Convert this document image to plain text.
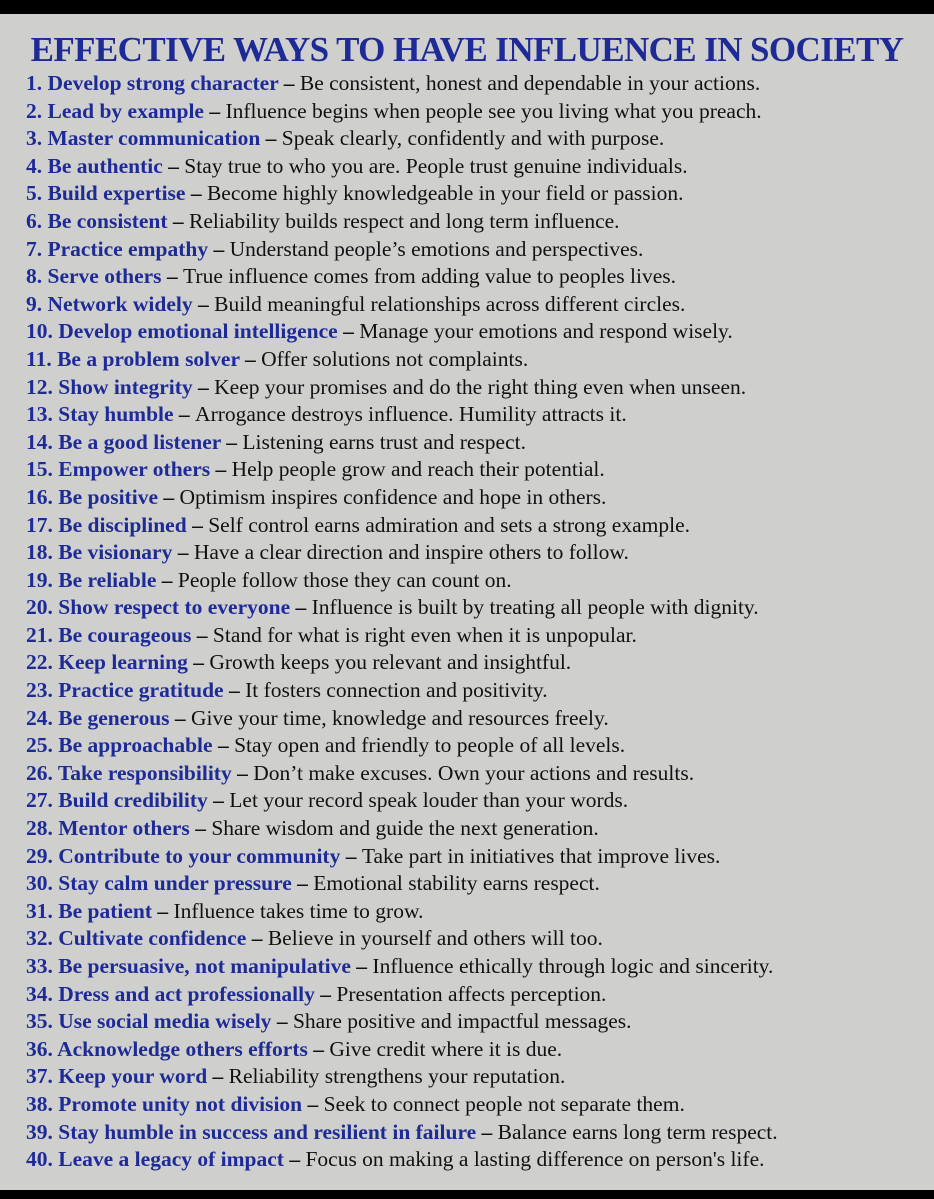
EFFECTIVE WAYS TO HAVE INFLUENCE IN SOCIETY
1. Develop strong character – Be consistent, honest and dependable in your actions.
2. Lead by example – Influence begins when people see you living what you preach.
3. Master communication – Speak clearly, confidently and with purpose.
4. Be authentic – Stay true to who you are. People trust genuine individuals.
5. Build expertise – Become highly knowledgeable in your field or passion.
6. Be consistent – Reliability builds respect and long term influence.
7. Practice empathy – Understand people’s emotions and perspectives.
8. Serve others – True influence comes from adding value to peoples lives.
9. Network widely – Build meaningful relationships across different circles.
10. Develop emotional intelligence – Manage your emotions and respond wisely.
11. Be a problem solver – Offer solutions not complaints.
12. Show integrity – Keep your promises and do the right thing even when unseen.
13. Stay humble – Arrogance destroys influence. Humility attracts it.
14. Be a good listener – Listening earns trust and respect.
15. Empower others – Help people grow and reach their potential.
16. Be positive – Optimism inspires confidence and hope in others.
17. Be disciplined – Self control earns admiration and sets a strong example.
18. Be visionary – Have a clear direction and inspire others to follow.
19. Be reliable – People follow those they can count on.
20. Show respect to everyone – Influence is built by treating all people with dignity.
21. Be courageous – Stand for what is right even when it is unpopular.
22. Keep learning – Growth keeps you relevant and insightful.
23. Practice gratitude – It fosters connection and positivity.
24. Be generous – Give your time, knowledge and resources freely.
25. Be approachable – Stay open and friendly to people of all levels.
26. Take responsibility – Don’t make excuses. Own your actions and results.
27. Build credibility – Let your record speak louder than your words.
28. Mentor others – Share wisdom and guide the next generation.
29. Contribute to your community – Take part in initiatives that improve lives.
30. Stay calm under pressure – Emotional stability earns respect.
31. Be patient – Influence takes time to grow.
32. Cultivate confidence – Believe in yourself and others will too.
33. Be persuasive, not manipulative – Influence ethically through logic and sincerity.
34. Dress and act professionally – Presentation affects perception.
35. Use social media wisely – Share positive and impactful messages.
36. Acknowledge others efforts – Give credit where it is due.
37. Keep your word – Reliability strengthens your reputation.
38. Promote unity not division – Seek to connect people not separate them.
39. Stay humble in success and resilient in failure – Balance earns long term respect.
40. Leave a legacy of impact – Focus on making a lasting difference on person's life.
